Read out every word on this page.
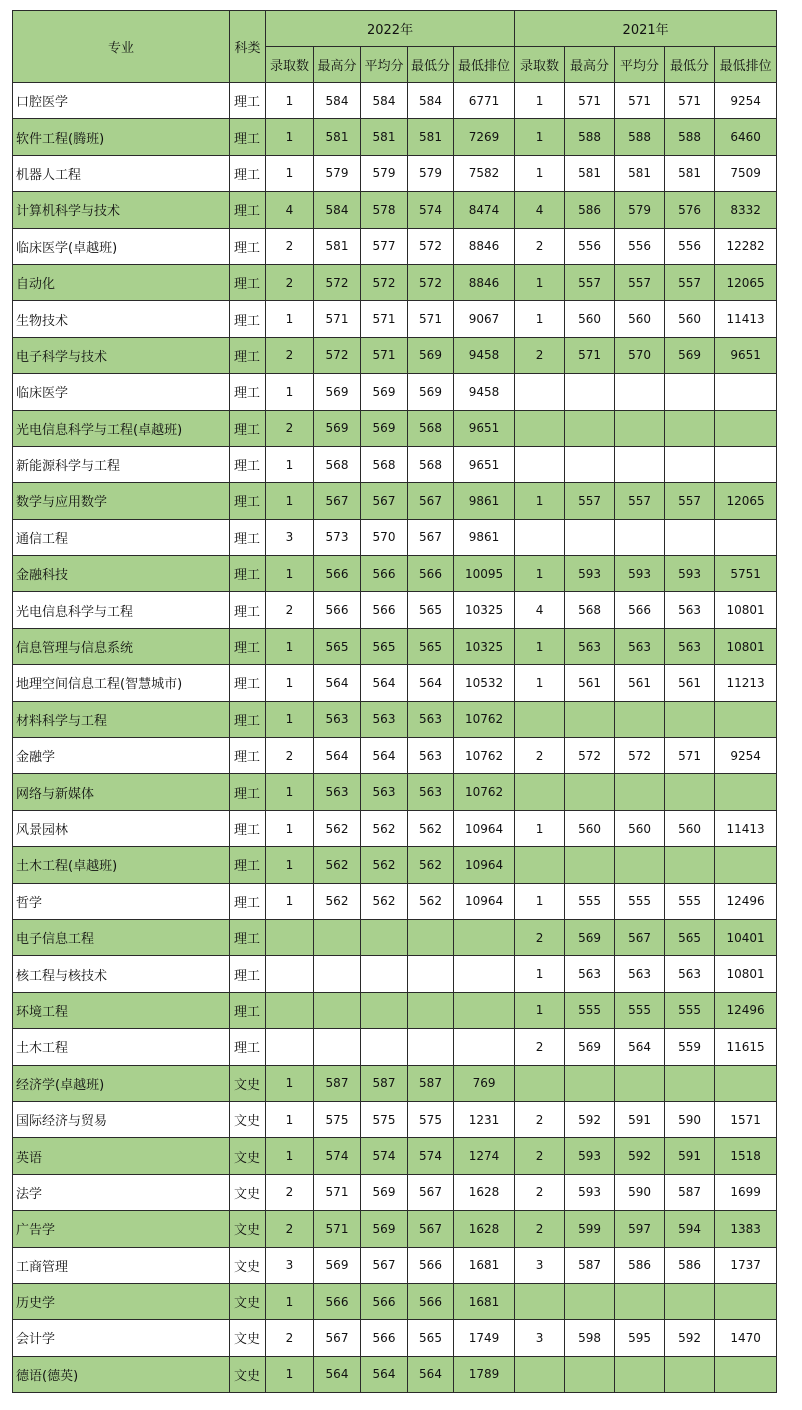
专业	科类	2022年					2021年				
		录取数	最高分	平均分	最低分	最低排位	录取数	最高分	平均分	最低分	最低排位
口腔医学	理工	1	584	584	584	6771	1	571	571	571	9254
软件工程(腾班)	理工	1	581	581	581	7269	1	588	588	588	6460
机器人工程	理工	1	579	579	579	7582	1	581	581	581	7509
计算机科学与技术	理工	4	584	578	574	8474	4	586	579	576	8332
临床医学(卓越班)	理工	2	581	577	572	8846	2	556	556	556	12282
自动化	理工	2	572	572	572	8846	1	557	557	557	12065
生物技术	理工	1	571	571	571	9067	1	560	560	560	11413
电子科学与技术	理工	2	572	571	569	9458	2	571	570	569	9651
临床医学	理工	1	569	569	569	9458					
光电信息科学与工程(卓越班)	理工	2	569	569	568	9651					
新能源科学与工程	理工	1	568	568	568	9651					
数学与应用数学	理工	1	567	567	567	9861	1	557	557	557	12065
通信工程	理工	3	573	570	567	9861					
金融科技	理工	1	566	566	566	10095	1	593	593	593	5751
光电信息科学与工程	理工	2	566	566	565	10325	4	568	566	563	10801
信息管理与信息系统	理工	1	565	565	565	10325	1	563	563	563	10801
地理空间信息工程(智慧城市)	理工	1	564	564	564	10532	1	561	561	561	11213
材料科学与工程	理工	1	563	563	563	10762					
金融学	理工	2	564	564	563	10762	2	572	572	571	9254
网络与新媒体	理工	1	563	563	563	10762					
风景园林	理工	1	562	562	562	10964	1	560	560	560	11413
土木工程(卓越班)	理工	1	562	562	562	10964					
哲学	理工	1	562	562	562	10964	1	555	555	555	12496
电子信息工程	理工						2	569	567	565	10401
核工程与核技术	理工						1	563	563	563	10801
环境工程	理工						1	555	555	555	12496
土木工程	理工						2	569	564	559	11615
经济学(卓越班)	文史	1	587	587	587	769					
国际经济与贸易	文史	1	575	575	575	1231	2	592	591	590	1571
英语	文史	1	574	574	574	1274	2	593	592	591	1518
法学	文史	2	571	569	567	1628	2	593	590	587	1699
广告学	文史	2	571	569	567	1628	2	599	597	594	1383
工商管理	文史	3	569	567	566	1681	3	587	586	586	1737
历史学	文史	1	566	566	566	1681					
会计学	文史	2	567	566	565	1749	3	598	595	592	1470
德语(德英)	文史	1	564	564	564	1789					
